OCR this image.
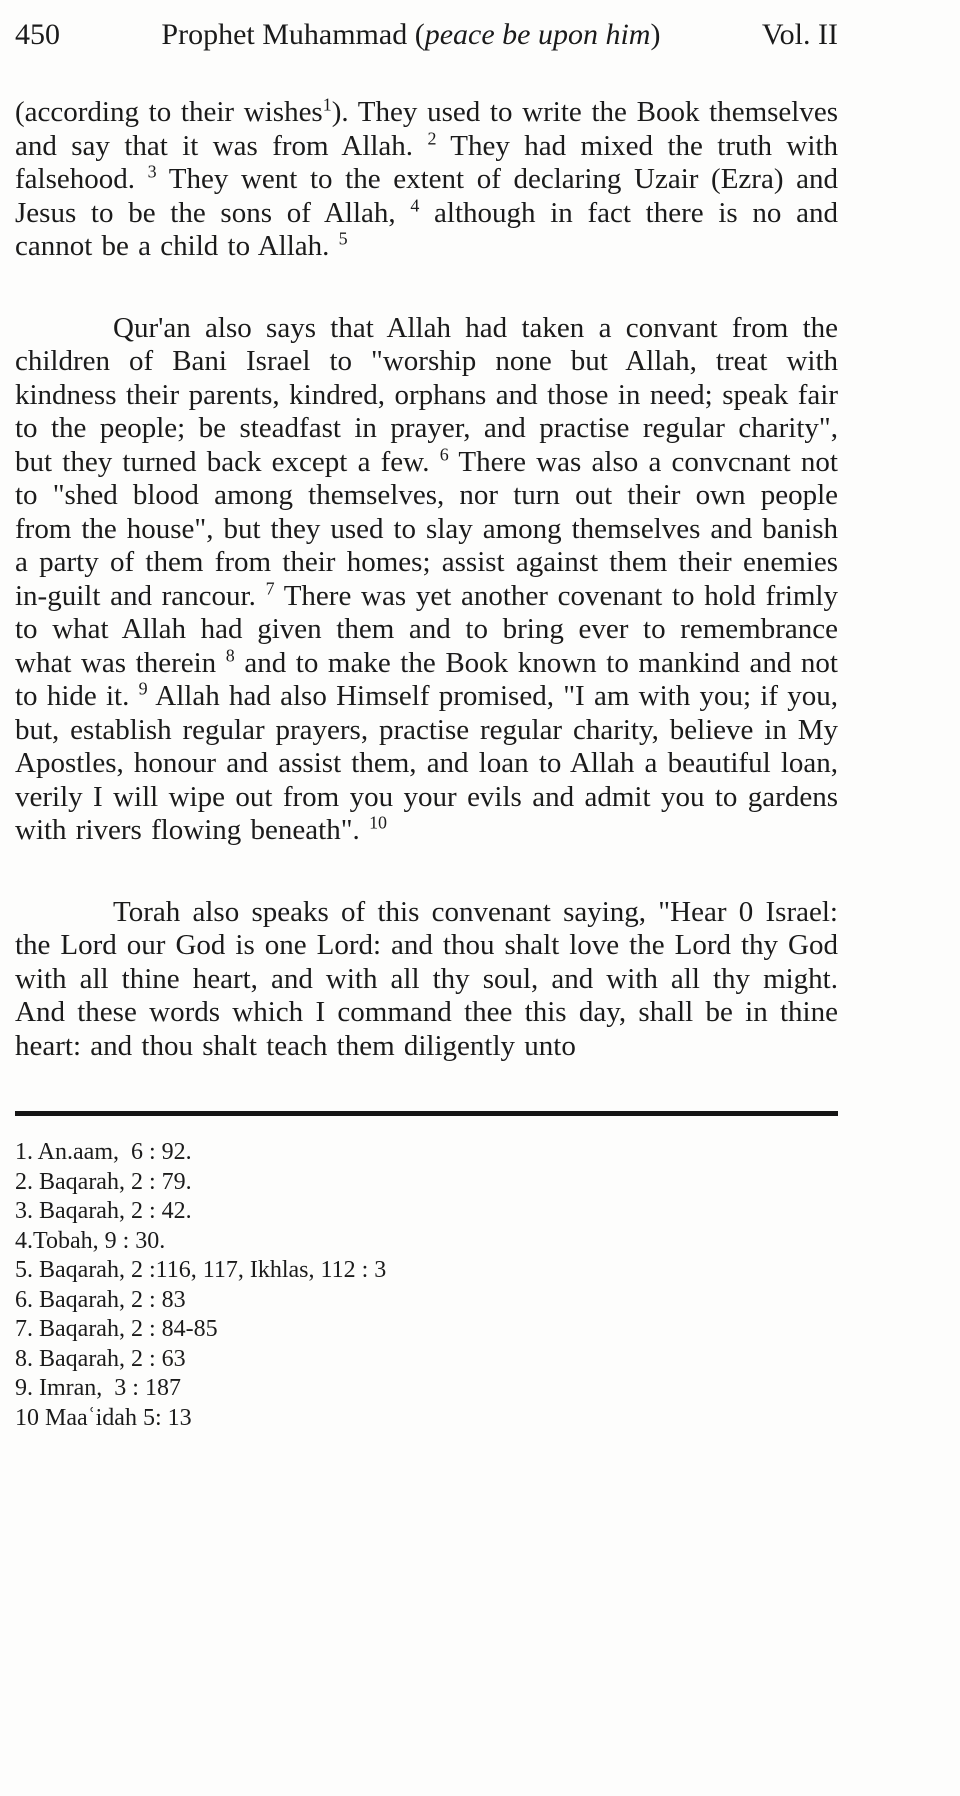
450	Prophet Muhammad (peace be upon him)	Vol. II

(according to their wishes$^1$). They used to write the Book themselves and say that it was from Allah. $^2$ They had mixed the truth with falsehood. $^3$ They went to the extent of declaring Uzair (Ezra) and Jesus to be the sons of Allah, $^4$ although in fact there is no and cannot be a child to Allah. $^5$

Qur'an also says that Allah had taken a convant from the children of Bani Israel to "worship none but Allah, treat with kindness their parents, kindred, orphans and those in need; speak fair to the people; be steadfast in prayer, and practise regular charity", but they turned back except a few. $^6$ There was also a convcnant not to "shed blood among themselves, nor turn out their own people from the house", but they used to slay among themselves and banish a party of them from their homes; assist against them their enemies in-guilt and rancour. $^7$ There was yet another covenant to hold frimly to what Allah had given them and to bring ever to remembrance what was therein $^8$ and to make the Book known to mankind and not to hide it. $^9$ Allah had also Himself promised, "I am with you; if you, but, establish regular prayers, practise regular charity, believe in My Apostles, honour and assist them, and loan to Allah a beautiful loan, verily I will wipe out from you your evils and admit you to gardens with rivers flowing beneath". $^{10}$

Torah also speaks of this convenant saying, "Hear 0 Israel: the Lord our God is one Lord: and thou shalt love the Lord thy God with all thine heart, and with all thy soul, and with all thy might. And these words which I command thee this day, shall be in thine heart: and thou shalt teach them diligently unto

1. An.aam,  6 : 92.
2. Baqarah, 2 : 79.
3. Baqarah, 2 : 42.
4.Tobah, 9 : 30.
5. Baqarah, 2 :116, 117, Ikhlas, 112 : 3
6. Baqarah, 2 : 83
7. Baqarah, 2 : 84-85
8. Baqarah, 2 : 63
9. Imran,  3 : 187
10 Maaʿidah 5: 13
